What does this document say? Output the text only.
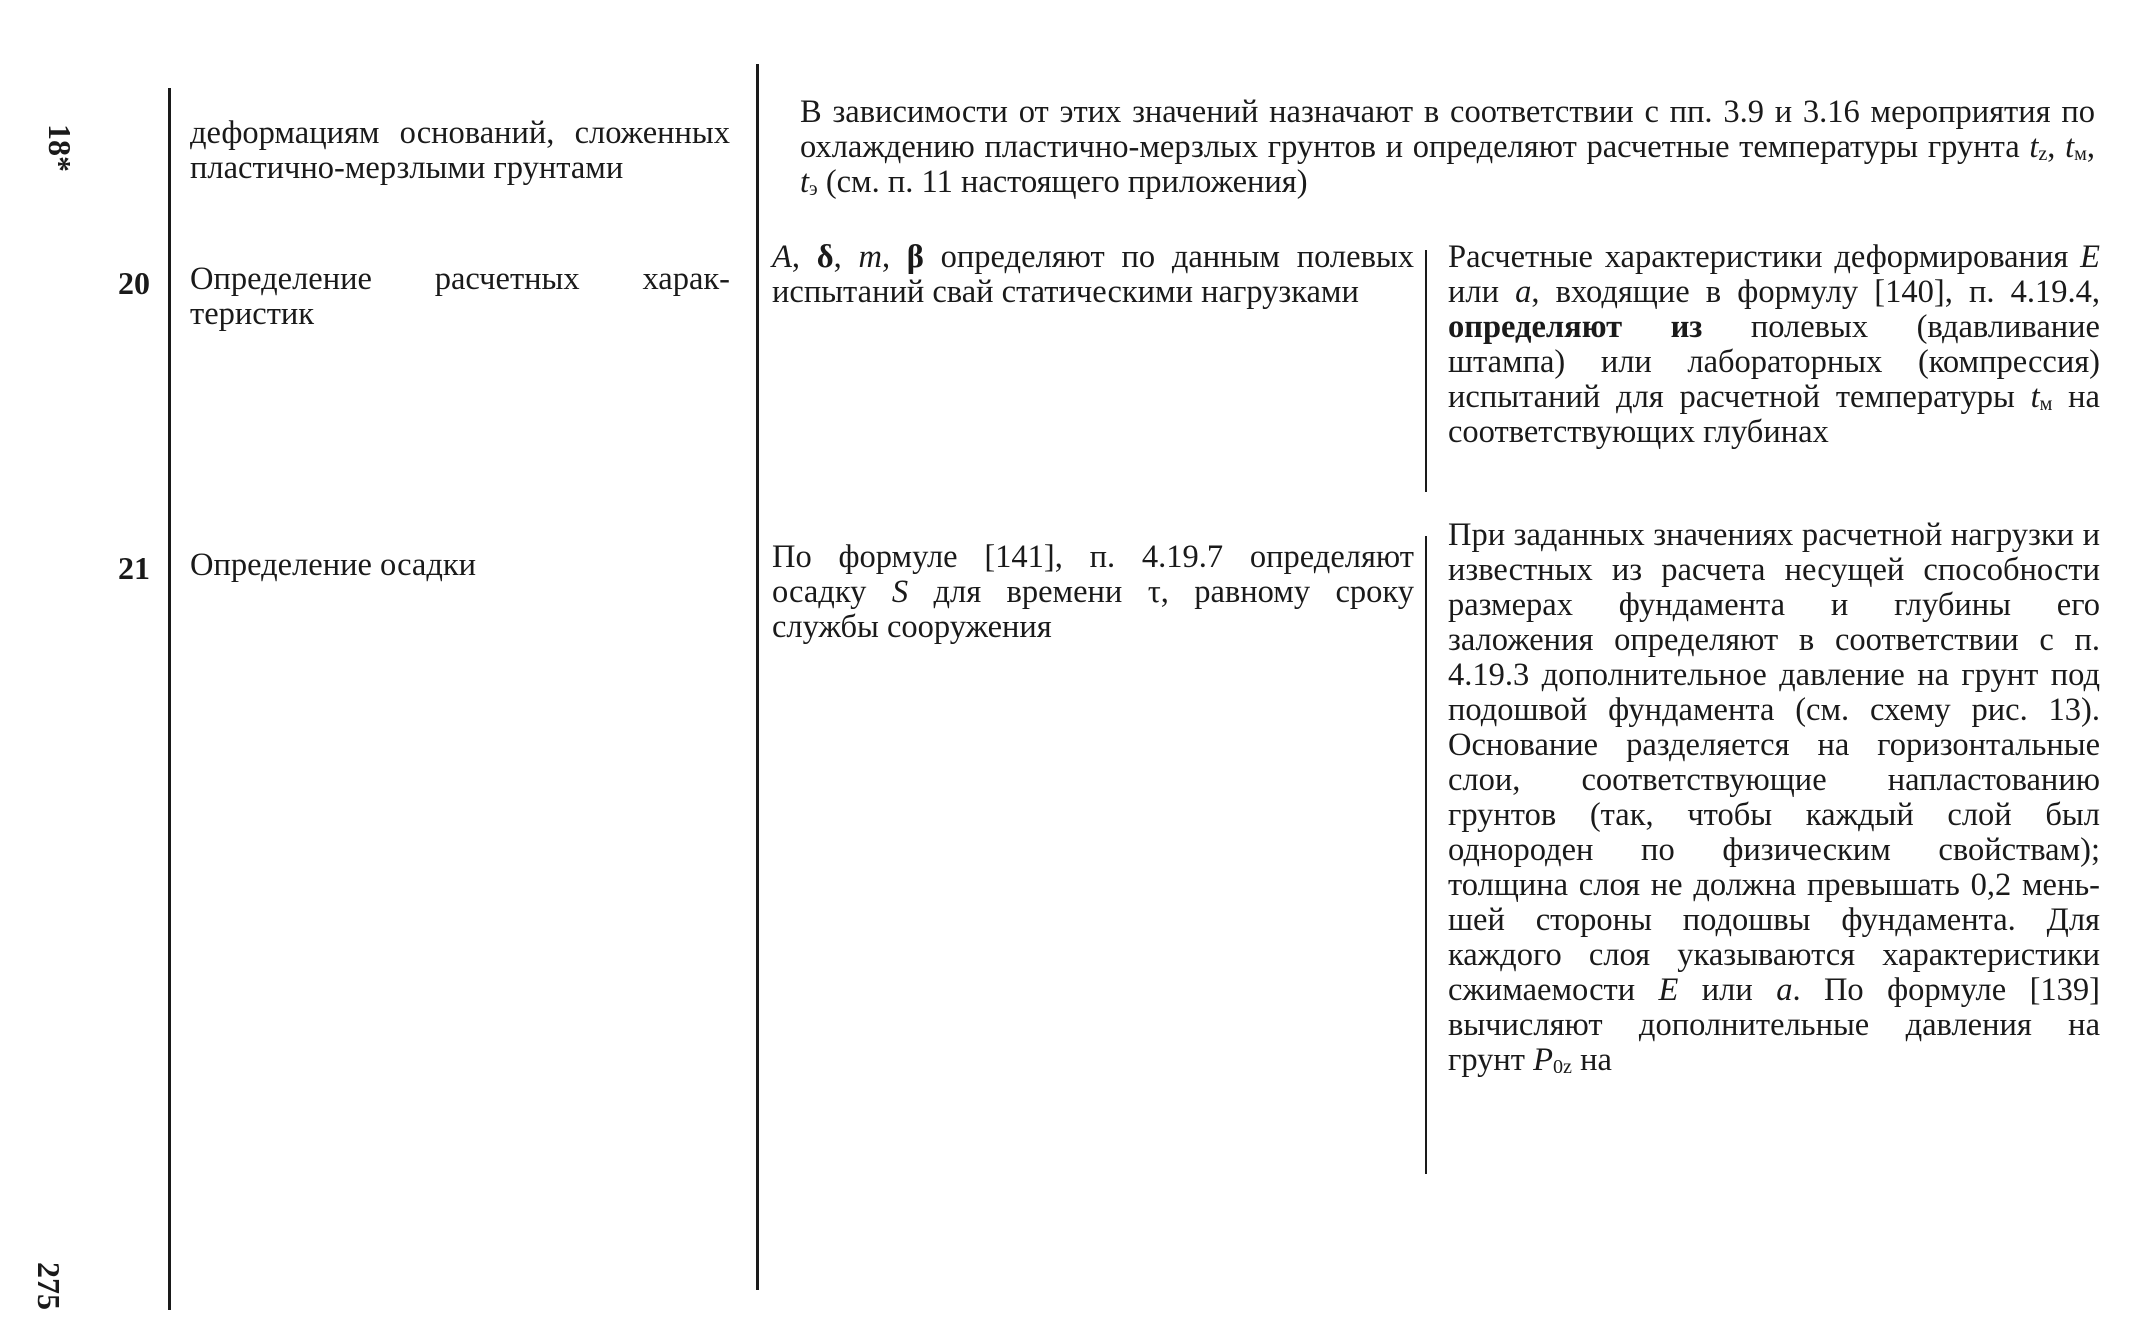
18*
275
деформациям оснований, сложенных пластично-мерзлыми грунтами
В зависимости от этих значений назначают в соответствии с пп. 3.9 и 3.16 мероприятия по охлаждению пластично-мерзлых грунтов и определяют расчетные температуры грунта $t_z$, $t_м$, $t_э$ (см. п. 11 настоящего приложения)
20 Определение расчетных характеристик
A, δ, m, β определяют по данным полевых испытаний свай статическими нагрузками
Расчетные характеристики деформирования E или a, входящие в формулу [140], п. 4.19.4, определяют из полевых (вдавливание штампа) или лабораторных (компрессия) испытаний для расчетной температуры $t_м$ на соответствующих глубинах
21 Определение осадки	По формуле [141], п. 4.19.7 определяют осадку S для времени τ, равному сроку службы сооружения
При заданных значениях расчетной нагрузки и известных из расчета несущей способности размерах фундамента и глубины его заложения определяют в соответствии с п. 4.19.3 дополнительное давление на грунт под подошвой фундамента (см. схему рис. 13). Основание разделяется на горизонтальные слои, соответствующие напластованию грунтов (так, чтобы каждый слой был однороден по физическим свойствам); толщина слоя не должна превышать 0,2 меньшей стороны подошвы фундамента. Для каждого слоя указываются характеристики сжимаемости E или a. По формуле [139] вычисляют дополнительные давления на грунт $P_{0z}$ на
